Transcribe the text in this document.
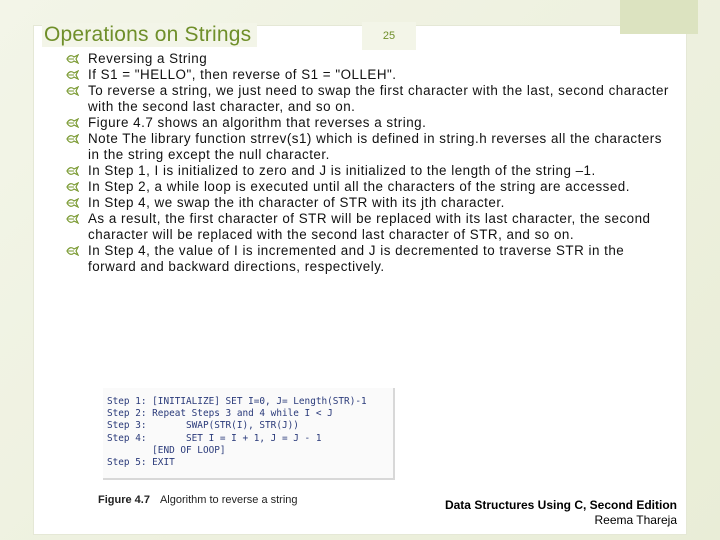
Operations on Strings	25
Reversing a String
If S1 = "HELLO", then reverse of S1 = "OLLEH".
To reverse a string, we just need to swap the first character with the last, second character with the second last character, and so on.
Figure 4.7 shows an algorithm that reverses a string.
Note The library function strrev(s1) which is defined in string.h reverses all the characters in the string except the null character.
In Step 1, I is initialized to zero and J is initialized to the length of the string –1.
In Step 2, a while loop is executed until all the characters of the string are accessed.
In Step 4, we swap the ith character of STR with its jth character.
As a result, the first character of STR will be replaced with its last character, the second character will be replaced with the second last character of STR, and so on.
In Step 4, the value of I is incremented and J is decremented to traverse STR in the forward and backward directions, respectively.
Step 1: [INITIALIZE] SET I=0, J= Length(STR)-1
Step 2: Repeat Steps 3 and 4 while I < J
Step 3:       SWAP(STR(I), STR(J))
Step 4:       SET I = I + 1, J = J - 1
[END OF LOOP]
Step 5: EXIT
Figure 4.7 Algorithm to reverse a string	Data Structures Using C, Second Edition
Reema Thareja
